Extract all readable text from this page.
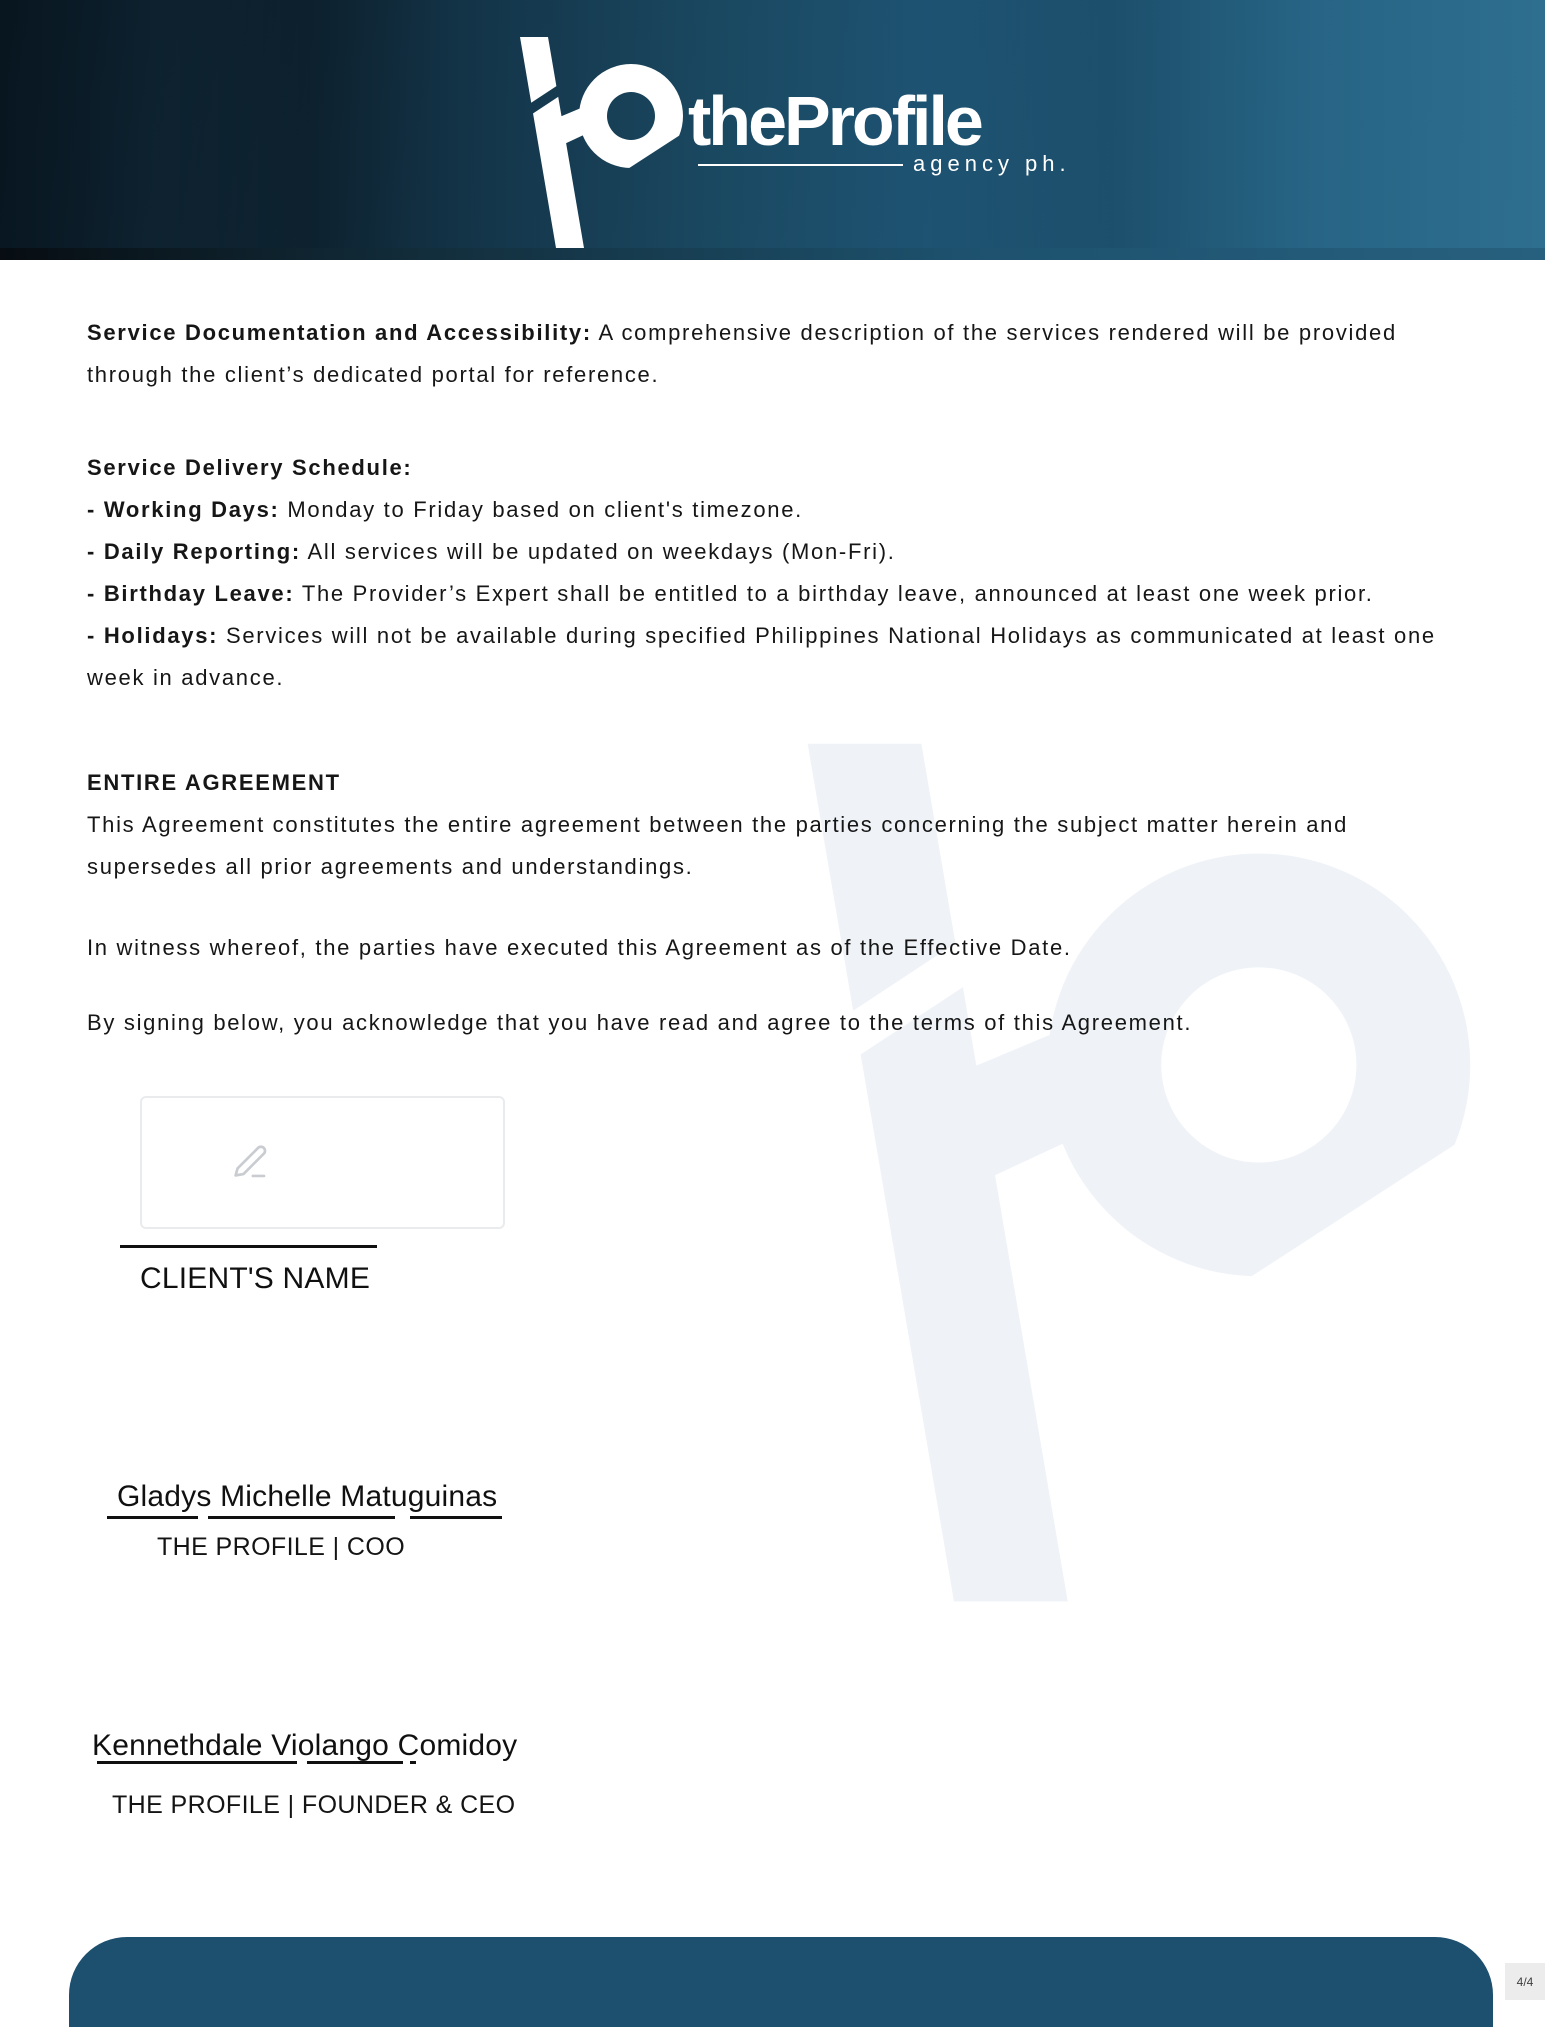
theProfile
agency ph.
Service Documentation and Accessibility: A comprehensive description of the services rendered will be provided through the client’s dedicated portal for reference.
Service Delivery Schedule:
- Working Days: Monday to Friday based on client's timezone.
- Daily Reporting: All services will be updated on weekdays (Mon-Fri).
- Birthday Leave: The Provider’s Expert shall be entitled to a birthday leave, announced at least one week prior.
- Holidays: Services will not be available during specified Philippines National Holidays as communicated at least one week in advance.
ENTIRE AGREEMENT
This Agreement constitutes the entire agreement between the parties concerning the subject matter herein and supersedes all prior agreements and understandings.
In witness whereof, the parties have executed this Agreement as of the Effective Date.
By signing below, you acknowledge that you have read and agree to the terms of this Agreement.
CLIENT'S NAME
Gladys Michelle Matuguinas
THE PROFILE | COO
Kennethdale Violango Comidoy
THE PROFILE | FOUNDER & CEO
4/4
